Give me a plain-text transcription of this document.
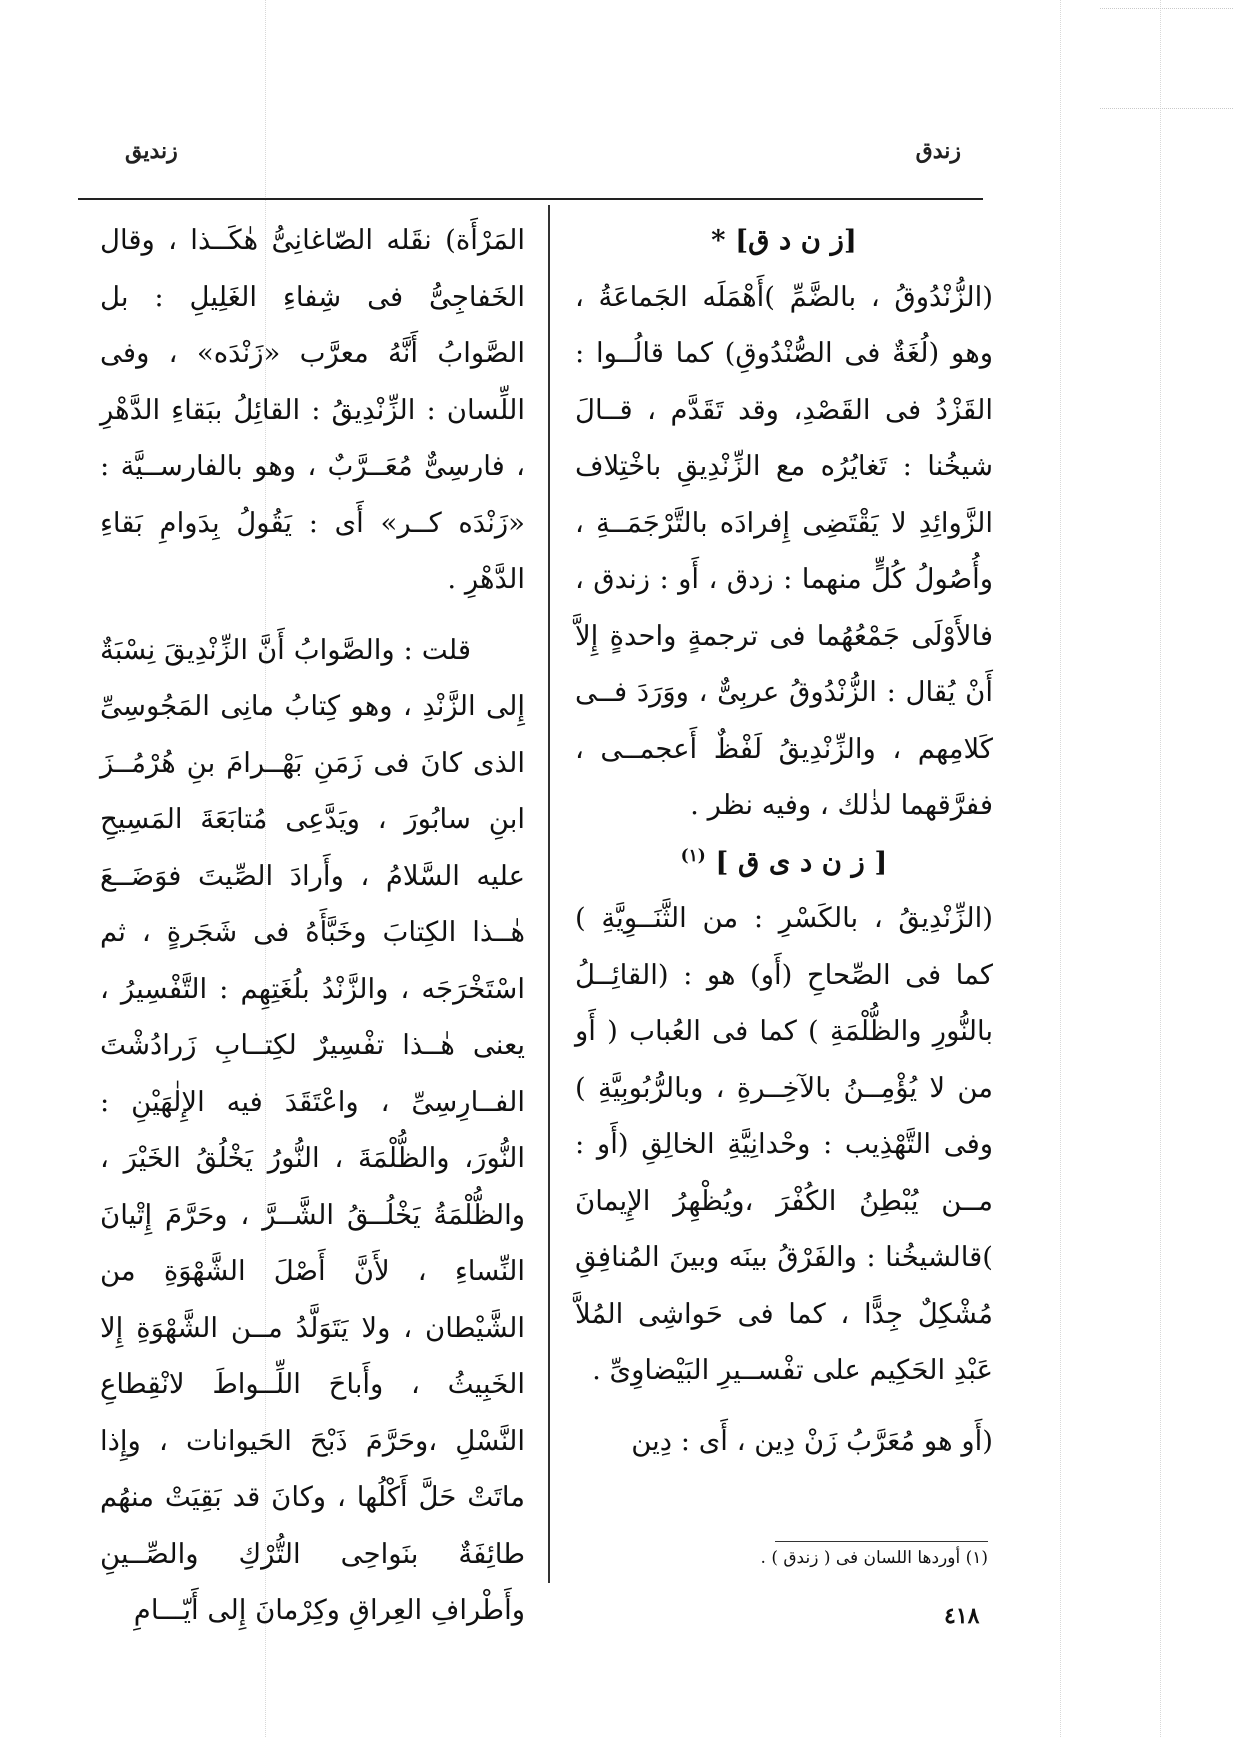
زندق
زنديق

[ز ن د ق] *

(الزُّنْدُوقُ ، بالضَّمِّ )أَهْمَلَه الجَماعَةُ ، وهو (لُغَةٌ فى الصُّنْدُوقِ) كما قالُــوا : القَزْدُ فى القَصْدِ، وقد تَقَدَّم ، قــالَ شيخُنا : تَغايُرُه مع الزِّنْدِيقِ باخْتِلاف الزَّوائِدِ لا يَقْتَضِى إِفرادَه بالتَّرْجَمَــةِ ، وأُصُولُ كُلٍّ منهما : زدق ، أَو : زندق ، فالأَوْلَى جَمْعُهُما فى ترجمةٍ واحدةٍ إِلاَّ أَنْ يُقال : الزُّنْدُوقُ عربِىٌّ ، ووَرَدَ فــى كَلامِهم ، والزِّنْدِيقُ لَفْظٌ أَعجمــى ، ففرَّقهما لذٰلك ، وفيه نظر .

[ ز ن د ى ق ] $^{(١)}$

(الزِّنْدِيقُ ، بالكَسْرِ : من الثَّنَــوِيَّةِ ) كما فى الصِّحاحِ (أَو) هو : (القائِــلُ بالنُّورِ والظُّلْمَةِ ) كما فى العُباب ( أَو من لا يُؤْمِــنُ بالآخِــرةِ ، وبالرُّبُوبِيَّةِ ) وفى التَّهْذِيب : وحْدانِيَّةِ الخالِقِ (أَو : مــن يُبْطِنُ الكُفْرَ ،ويُظْهِرُ الإِيمانَ )قالشيخُنا : والفَرْقُ بينَه وبينَ المُنافِقِ مُشْكِلٌ جِدًّا ، كما فى حَواشِى المُلاَّ عَبْدِ الحَكِيم على تفْســيرِ البَيْضاوِىِّ .

(أَو هو مُعَرَّبُ زَنْ دِين ، أَى : دِين

المَرْأَة) نقَله الصّاغانِىُّ هٰكَــذا ، وقال الخَفاجِىُّ فى شِفاءِ الغَلِيلِ : بل الصَّوابُ أَنَّهُ معرَّب «زَنْدَه» ، وفى اللِّسان : الزِّنْدِيقُ : القائِلُ ببَقاءِ الدَّهْرِ ، فارسِىٌّ مُعَــرَّبٌ ، وهو بالفارســيَّة : «زَنْدَه كــر» أَى : يَقُولُ بِدَوامِ بَقاءِ الدَّهْرِ .

قلت : والصَّوابُ أَنَّ الزِّنْدِيقَ نِسْبَةٌ إِلى الزَّنْدِ ، وهو كِتابُ مانِى المَجُوسِىِّ الذى كانَ فى زَمَنِ بَهْــرامَ بنِ هُرْمُــزَ ابنِ سابُورَ ، ويَدَّعِى مُتابَعَةَ المَسِيحِ عليه السَّلامُ ، وأَرادَ الصِّيتَ فوَضَــعَ هٰــذا الكِتابَ وخَبَّأَهُ فى شَجَرةٍ ، ثم اسْتَخْرَجَه ، والزَّنْدُ بلُغَتِهِم : التَّفْسِيرُ ، يعنى هٰــذا تفْسِيرٌ لكِتــابِ زَرادُشْتَ الفــارِسِىِّ ، واعْتَقَدَ فيه الإِلٰهَيْنِ : النُّورَ، والظُّلْمَةَ ، النُّورُ يَخْلُقُ الخَيْرَ ، والظُّلْمَةُ يَخْلُــقُ الشَّــرَّ ، وحَرَّمَ إِتْيانَ النِّساءِ ، لأَنَّ أَصْلَ الشَّهْوَةِ من الشَّيْطان ، ولا يَتَوَلَّدُ مــن الشَّهْوَةِ إِلا الخَبِيثُ ، وأَباحَ اللِّــواطَ لانْقِطاعِ النَّسْلِ ،وحَرَّمَ ذَبْحَ الحَيوانات ، وإِذا ماتَتْ حَلَّ أَكْلُها ، وكانَ قد بَقِيَتْ منهُم طائِفَةٌ بنَواحِى التُّرْكِ والصِّــينِ وأَطْرافِ العِراقِ وكِرْمانَ إِلى أَيّـــامِ

(١) أوردها اللسان فى ( زندق ) .
٤١٨
